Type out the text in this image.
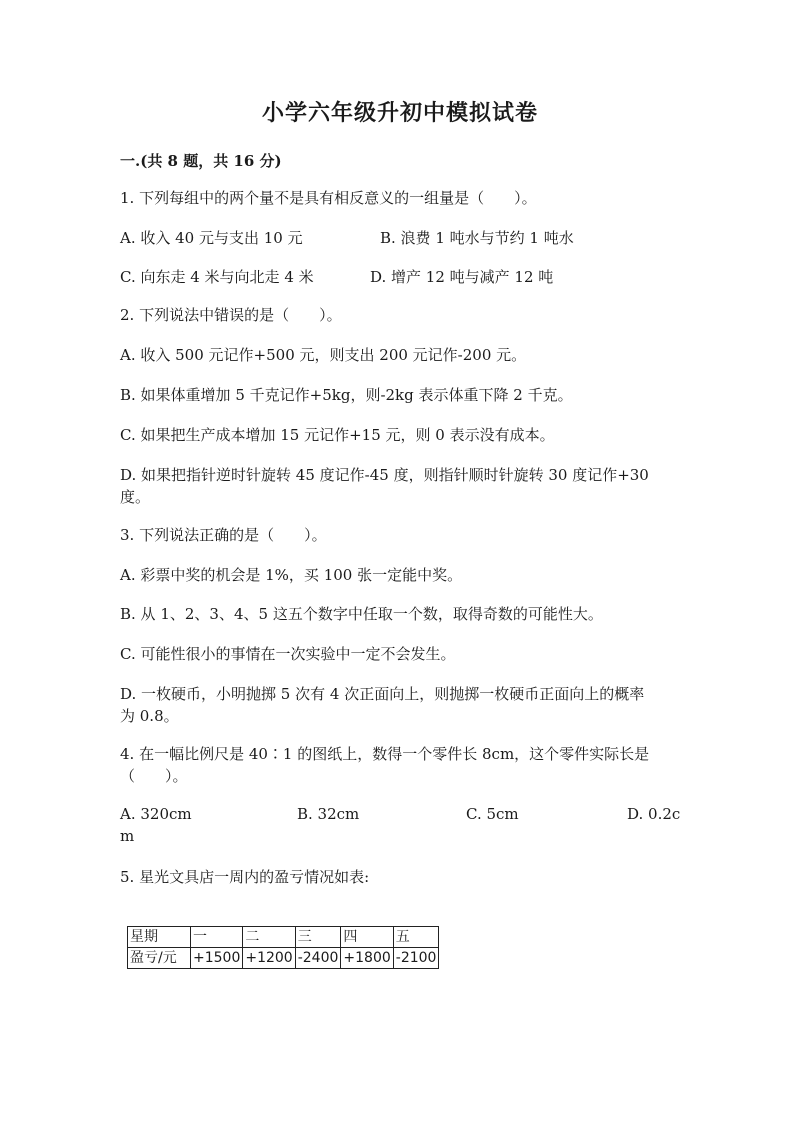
小学六年级升初中模拟试卷
一.(共 8 题，共 16 分)
1. 下列每组中的两个量不是具有相反意义的一组量是（　　）。
A. 收入 40 元与支出 10 元	B. 浪费 1 吨水与节约 1 吨水
C. 向东走 4 米与向北走 4 米	D. 增产 12 吨与减产 12 吨
2. 下列说法中错误的是（　　）。
A. 收入 500 元记作+500 元，则支出 200 元记作-200 元。
B. 如果体重增加 5 千克记作+5kg，则-2kg 表示体重下降 2 千克。
C. 如果把生产成本增加 15 元记作+15 元，则 0 表示没有成本。
D. 如果把指针逆时针旋转 45 度记作-45 度，则指针顺时针旋转 30 度记作+30
度。
3. 下列说法正确的是（　　）。
A. 彩票中奖的机会是 1%，买 100 张一定能中奖。
B. 从 1、2、3、4、5 这五个数字中任取一个数，取得奇数的可能性大。
C. 可能性很小的事情在一次实验中一定不会发生。
D. 一枚硬币，小明抛掷 5 次有 4 次正面向上，则抛掷一枚硬币正面向上的概率
为 0.8。
4. 在一幅比例尺是 40∶1 的图纸上，数得一个零件长 8cm，这个零件实际长是
（　　）。
A. 320cm	B. 32cm	C. 5cm	D. 0.2c
m
5. 星光文具店一周内的盈亏情况如表:
星期	一	二	三	四	五
盈亏/元	+1500	+1200	-2400	+1800	-2100
